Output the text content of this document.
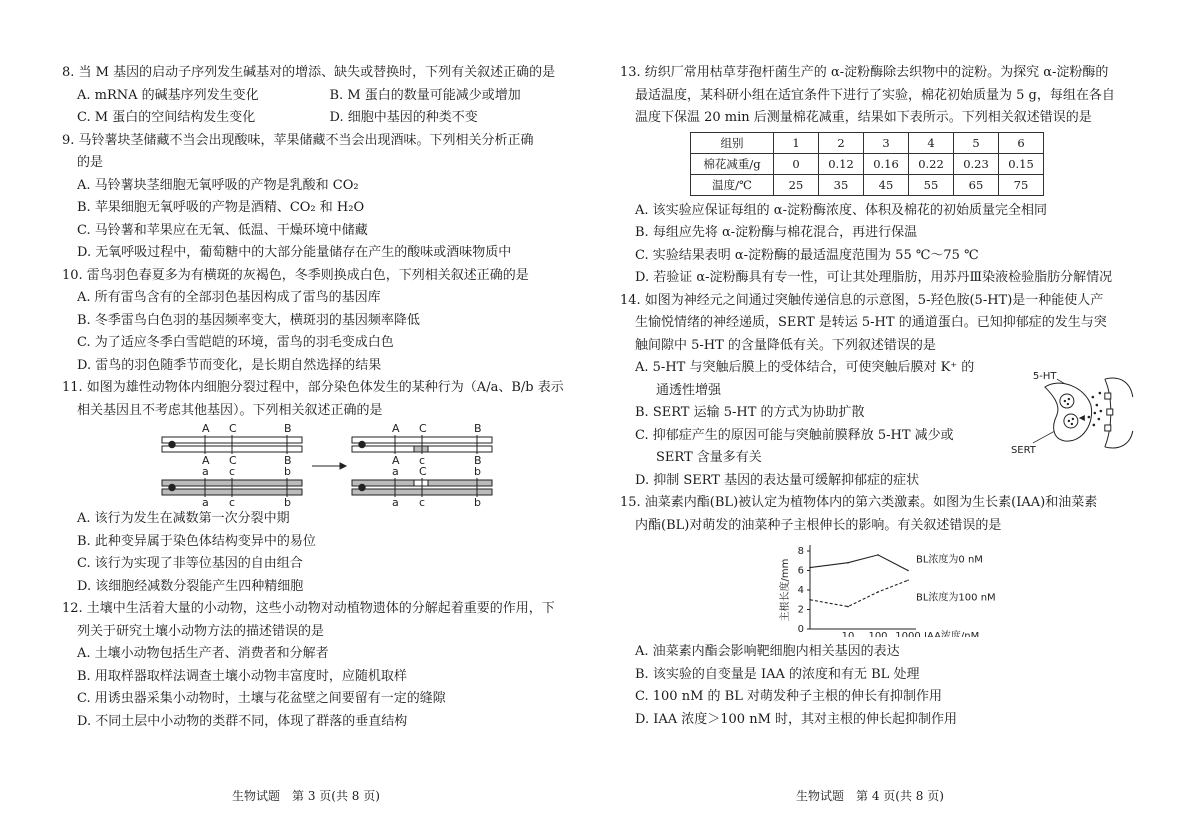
8. 当 M 基因的启动子序列发生碱基对的增添、缺失或替换时，下列有关叙述正确的是
A. mRNA 的碱基序列发生变化	B. M 蛋白的数量可能减少或增加
C. M 蛋白的空间结构发生变化	D. 细胞中基因的种类不变
9. 马铃薯块茎储藏不当会出现酸味，苹果储藏不当会出现酒味。下列相关分析正确
的是
A. 马铃薯块茎细胞无氧呼吸的产物是乳酸和 CO₂
B. 苹果细胞无氧呼吸的产物是酒精、CO₂ 和 H₂O
C. 马铃薯和苹果应在无氧、低温、干燥环境中储藏
D. 无氧呼吸过程中，葡萄糖中的大部分能量储存在产生的酸味或酒味物质中
10. 雷鸟羽色春夏多为有横斑的灰褐色，冬季则换成白色，下列相关叙述正确的是
A. 所有雷鸟含有的全部羽色基因构成了雷鸟的基因库
B. 冬季雷鸟白色羽的基因频率变大，横斑羽的基因频率降低
C. 为了适应冬季白雪皑皑的环境，雷鸟的羽毛变成白色
D. 雷鸟的羽色随季节而变化，是长期自然选择的结果
11. 如图为雄性动物体内细胞分裂过程中，部分染色体发生的某种行为（A/a、B/b 表示
相关基因且不考虑其他基因）。下列相关叙述正确的是
A C	B
A C	B
a c	b
a c	b
A C	B
A c	B
a C	b
a c	b
A. 该行为发生在减数第一次分裂中期
B. 此种变异属于染色体结构变异中的易位
C. 该行为实现了非等位基因的自由组合
D. 该细胞经减数分裂能产生四种精细胞
12. 土壤中生活着大量的小动物，这些小动物对动植物遗体的分解起着重要的作用，下
列关于研究土壤小动物方法的描述错误的是
A. 土壤小动物包括生产者、消费者和分解者
B. 用取样器取样法调查土壤小动物丰富度时，应随机取样
C. 用诱虫器采集小动物时，土壤与花盆壁之间要留有一定的缝隙
D. 不同土层中小动物的类群不同，体现了群落的垂直结构
生物试题　第 3 页(共 8 页)
13. 纺织厂常用枯草芽孢杆菌生产的 α-淀粉酶除去织物中的淀粉。为探究 α-淀粉酶的
最适温度，某科研小组在适宜条件下进行了实验，棉花初始质量为 5 g，每组在各自
温度下保温 20 min 后测量棉花减重，结果如下表所示。下列相关叙述错误的是
组别	1	2	3	4	5	6
棉花减重/g	0	0.12	0.16	0.22	0.23	0.15
温度/℃	25	35	45	55	65	75
A. 该实验应保证每组的 α-淀粉酶浓度、体积及棉花的初始质量完全相同
B. 每组应先将 α-淀粉酶与棉花混合，再进行保温
C. 实验结果表明 α-淀粉酶的最适温度范围为 55 ℃～75 ℃
D. 若验证 α-淀粉酶具有专一性，可让其处理脂肪，用苏丹Ⅲ染液检验脂肪分解情况
14. 如图为神经元之间通过突触传递信息的示意图，5-羟色胺(5-HT)是一种能使人产
生愉悦情绪的神经递质，SERT 是转运 5-HT 的通道蛋白。已知抑郁症的发生与突
触间隙中 5-HT 的含量降低有关。下列叙述错误的是
A. 5-HT 与突触后膜上的受体结合，可使突触后膜对 K⁺ 的
通透性增强
B. SERT 运输 5-HT 的方式为协助扩散
C. 抑郁症产生的原因可能与突触前膜释放 5-HT 减少或
SERT 含量多有关
5-HT
SERT
D. 抑制 SERT 基因的表达量可缓解抑郁症的症状
15. 油菜素内酯(BL)被认定为植物体内的第六类激素。如图为生长素(IAA)和油菜素
内酯(BL)对萌发的油菜种子主根伸长的影响。有关叙述错误的是
0
2
4
6
8
10 100 1000 IAA浓度/nM
主根长度/mm	BL浓度为0 nM
BL浓度为100 nM
A. 油菜素内酯会影响靶细胞内相关基因的表达
B. 该实验的自变量是 IAA 的浓度和有无 BL 处理
C. 100 nM 的 BL 对萌发种子主根的伸长有抑制作用
D. IAA 浓度＞100 nM 时，其对主根的伸长起抑制作用
生物试题　第 4 页(共 8 页)
